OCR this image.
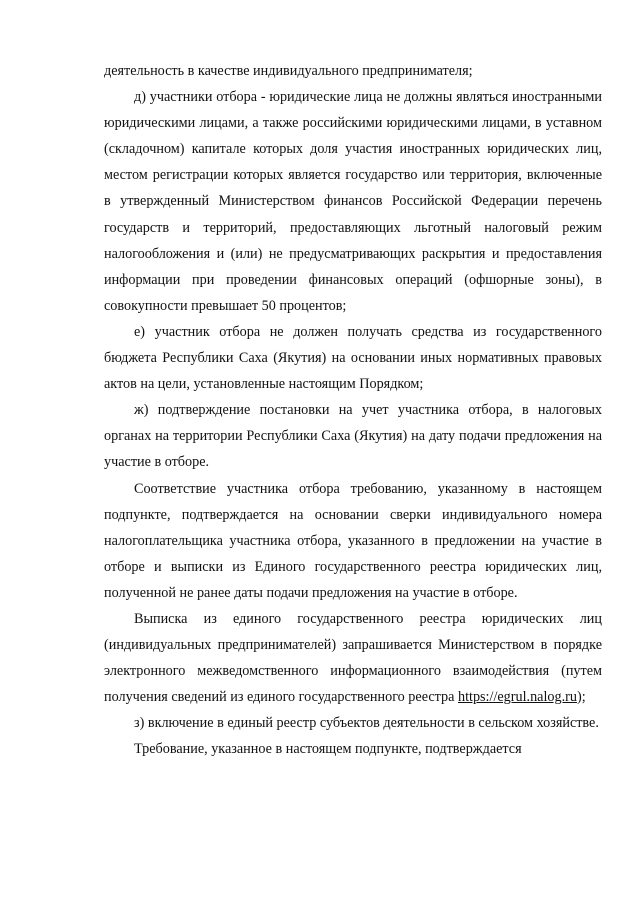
деятельность в качестве индивидуального предпринимателя;

д) участники отбора - юридические лица не должны являться иностранными юридическими лицами, а также российскими юридическими лицами, в уставном (складочном) капитале которых доля участия иностранных юридических лиц, местом регистрации которых является государство или территория, включенные в утвержденный Министерством финансов Российской Федерации перечень государств и территорий, предоставляющих льготный налоговый режим налогообложения и (или) не предусматривающих раскрытия и предоставления информации при проведении финансовых операций (офшорные зоны), в совокупности превышает 50 процентов;

е) участник отбора не должен получать средства из государственного бюджета Республики Саха (Якутия) на основании иных нормативных правовых актов на цели, установленные настоящим Порядком;

ж) подтверждение постановки на учет участника отбора, в налоговых органах на территории Республики Саха (Якутия) на дату подачи предложения на участие в отборе.

Соответствие участника отбора требованию, указанному в настоящем подпункте, подтверждается на основании сверки индивидуального номера налогоплательщика участника отбора, указанного в предложении на участие в отборе и выписки из Единого государственного реестра юридических лиц, полученной не ранее даты подачи предложения на участие в отборе.

Выписка из единого государственного реестра юридических лиц (индивидуальных предпринимателей) запрашивается Министерством в порядке электронного межведомственного информационного взаимодействия (путем получения сведений из единого государственного реестра https://egrul.nalog.ru);

з) включение в единый реестр субъектов деятельности в сельском хозяйстве.

Требование, указанное в настоящем подпункте, подтверждается
